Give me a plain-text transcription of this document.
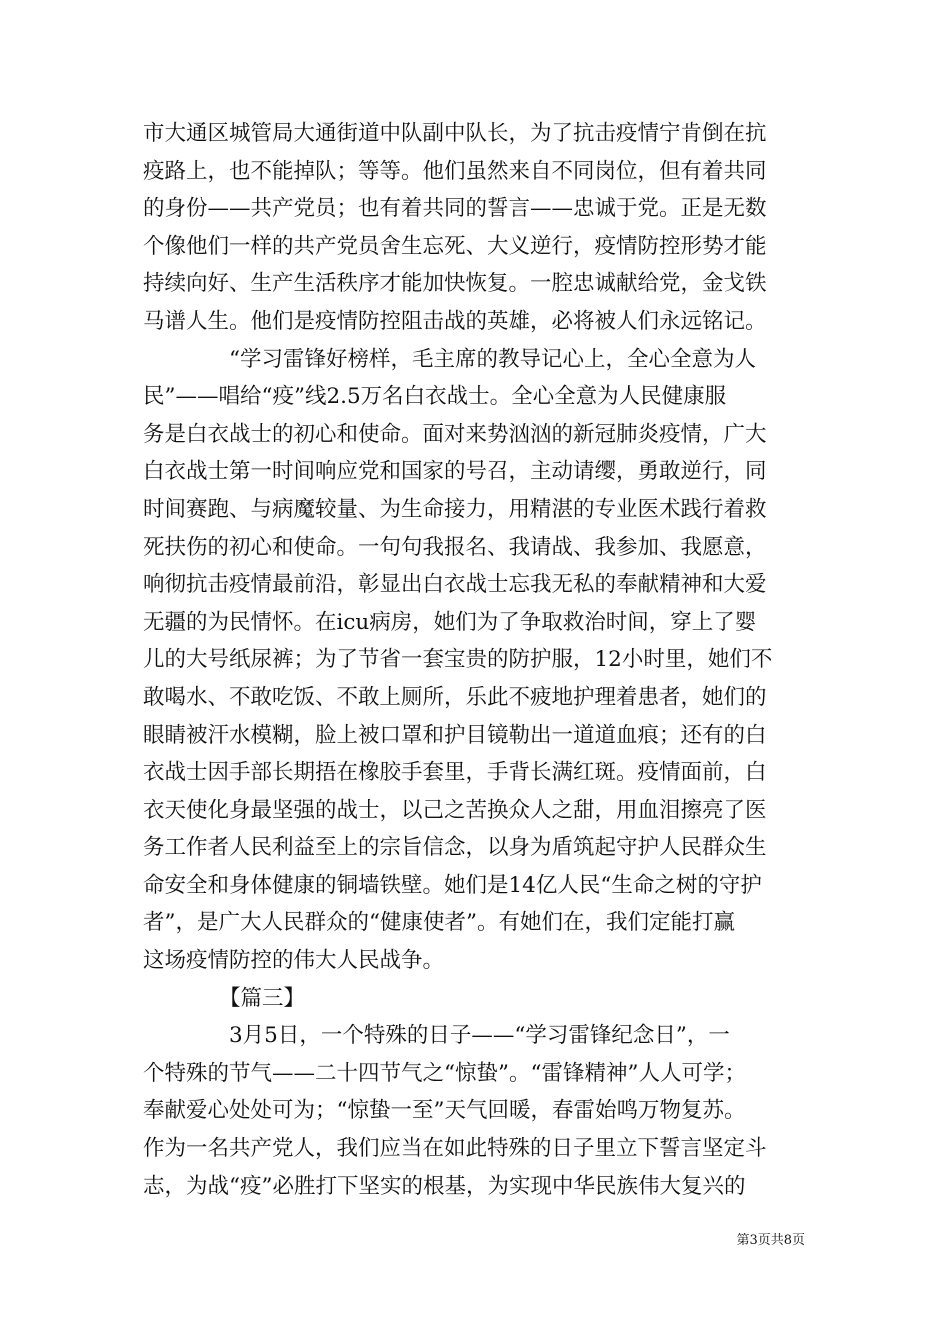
市大通区城管局大通街道中队副中队长，为了抗击疫情宁肯倒在抗
疫路上，也不能掉队；等等。他们虽然来自不同岗位，但有着共同
的身份——共产党员；也有着共同的誓言——忠诚于党。正是无数
个像他们一样的共产党员舍生忘死、大义逆行，疫情防控形势才能
持续向好、生产生活秩序才能加快恢复。一腔忠诚献给党，金戈铁
马谱人生。他们是疫情防控阻击战的英雄，必将被人们永远铭记。
“学习雷锋好榜样，毛主席的教导记心上，全心全意为人
民”——唱给“疫”线2.5万名白衣战士。全心全意为人民健康服
务是白衣战士的初心和使命。面对来势汹汹的新冠肺炎疫情，广大
白衣战士第一时间响应党和国家的号召，主动请缨，勇敢逆行，同
时间赛跑、与病魔较量、为生命接力，用精湛的专业医术践行着救
死扶伤的初心和使命。一句句我报名、我请战、我参加、我愿意，
响彻抗击疫情最前沿，彰显出白衣战士忘我无私的奉献精神和大爱
无疆的为民情怀。在icu病房，她们为了争取救治时间，穿上了婴
儿的大号纸尿裤；为了节省一套宝贵的防护服，12小时里，她们不
敢喝水、不敢吃饭、不敢上厕所，乐此不疲地护理着患者，她们的
眼睛被汗水模糊，脸上被口罩和护目镜勒出一道道血痕；还有的白
衣战士因手部长期捂在橡胶手套里，手背长满红斑。疫情面前，白
衣天使化身最坚强的战士，以己之苦换众人之甜，用血泪擦亮了医
务工作者人民利益至上的宗旨信念，以身为盾筑起守护人民群众生
命安全和身体健康的铜墙铁壁。她们是14亿人民“生命之树的守护
者”，是广大人民群众的“健康使者”。有她们在，我们定能打赢
这场疫情防控的伟大人民战争。
【篇三】
3月5日，一个特殊的日子——“学习雷锋纪念日”，一
个特殊的节气——二十四节气之“惊蛰”。“雷锋精神”人人可学；
奉献爱心处处可为；“惊蛰一至”天气回暖，春雷始鸣万物复苏。
作为一名共产党人，我们应当在如此特殊的日子里立下誓言坚定斗
志，为战“疫”必胜打下坚实的根基，为实现中华民族伟大复兴的
第3页共8页
